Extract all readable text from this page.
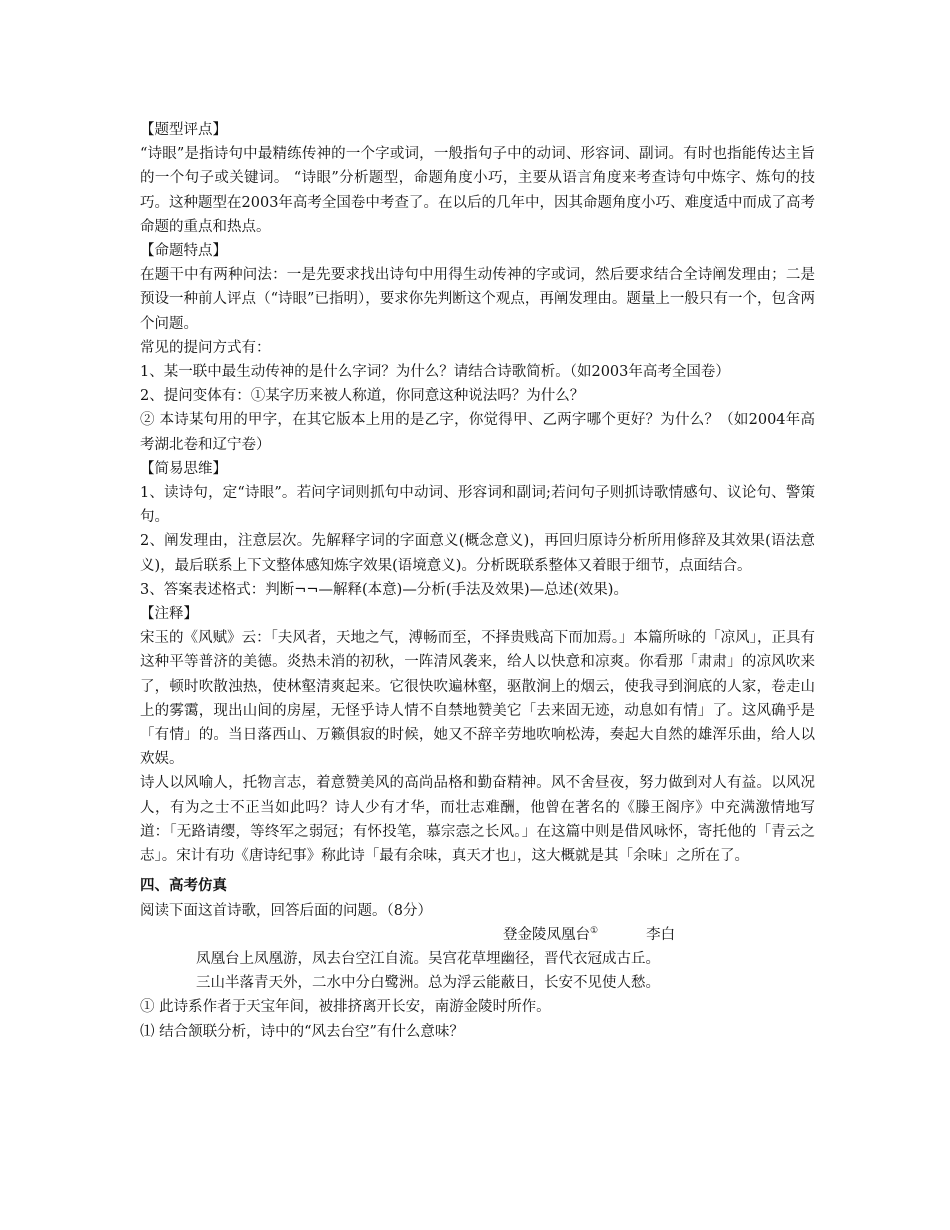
【题型评点】

“诗眼”是指诗句中最精练传神的一个字或词，一般指句子中的动词、形容词、副词。有时也指能传达主旨的一个句子或关键词。 “诗眼”分析题型，命题角度小巧，主要从语言角度来考查诗句中炼字、炼句的技巧。这种题型在2003年高考全国卷中考查了。在以后的几年中，因其命题角度小巧、难度适中而成了高考命题的重点和热点。

【命题特点】

在题干中有两种问法：一是先要求找出诗句中用得生动传神的字或词，然后要求结合全诗阐发理由；二是预设一种前人评点（“诗眼”已指明），要求你先判断这个观点，再阐发理由。题量上一般只有一个，包含两个问题。

常见的提问方式有：

1、某一联中最生动传神的是什么字词？为什么？请结合诗歌简析。（如2003年高考全国卷）

2、提问变体有：①某字历来被人称道，你同意这种说法吗？为什么？

② 本诗某句用的甲字，在其它版本上用的是乙字，你觉得甲、乙两字哪个更好？为什么？（如2004年高考湖北卷和辽宁卷）

【简易思维】

1、读诗句，定“诗眼”。若问字词则抓句中动词、形容词和副词;若问句子则抓诗歌情感句、议论句、警策句。

2、阐发理由，注意层次。先解释字词的字面意义(概念意义)，再回归原诗分析所用修辞及其效果(语法意义)，最后联系上下文整体感知炼字效果(语境意义)。分析既联系整体又着眼于细节，点面结合。

3、答案表述格式：判断¬¬—解释(本意)—分析(手法及效果)—总述(效果)。

【注释】

宋玉的《风赋》云：「夫风者，天地之气，溥畅而至，不择贵贱高下而加焉。」本篇所咏的「凉风」，正具有这种平等普济的美德。炎热未消的初秋，一阵清风袭来，给人以快意和凉爽。你看那「肃肃」的凉风吹来了，顿时吹散浊热，使林壑清爽起来。它很快吹遍林壑，驱散涧上的烟云，使我寻到涧底的人家，卷走山上的雾霭，现出山间的房屋，无怪乎诗人情不自禁地赞美它「去来固无迹，动息如有情」了。这风确乎是「有情」的。当日落西山、万籁俱寂的时候，她又不辞辛劳地吹响松涛，奏起大自然的雄浑乐曲，给人以欢娱。

诗人以风喻人，托物言志，着意赞美风的高尚品格和勤奋精神。风不舍昼夜，努力做到对人有益。以风况人，有为之士不正当如此吗？诗人少有才华，而壮志难酬，他曾在著名的《滕王阁序》中充满激情地写道：「无路请缨，等终军之弱冠；有怀投笔，慕宗悫之长风。」在这篇中则是借风咏怀，寄托他的「青云之志」。宋计有功《唐诗纪事》称此诗「最有余味，真天才也」，这大概就是其「余味」之所在了。

四、高考仿真

阅读下面这首诗歌，回答后面的问题。（8分）

登金陵凤凰台①	李白

凤凰台上凤凰游，凤去台空江自流。吴宫花草埋幽径，晋代衣冠成古丘。

三山半落青天外，二水中分白鹭洲。总为浮云能蔽日，长安不见使人愁。

① 此诗系作者于天宝年间，被排挤离开长安，南游金陵时所作。

⑴ 结合颔联分析，诗中的“风去台空”有什么意味？
